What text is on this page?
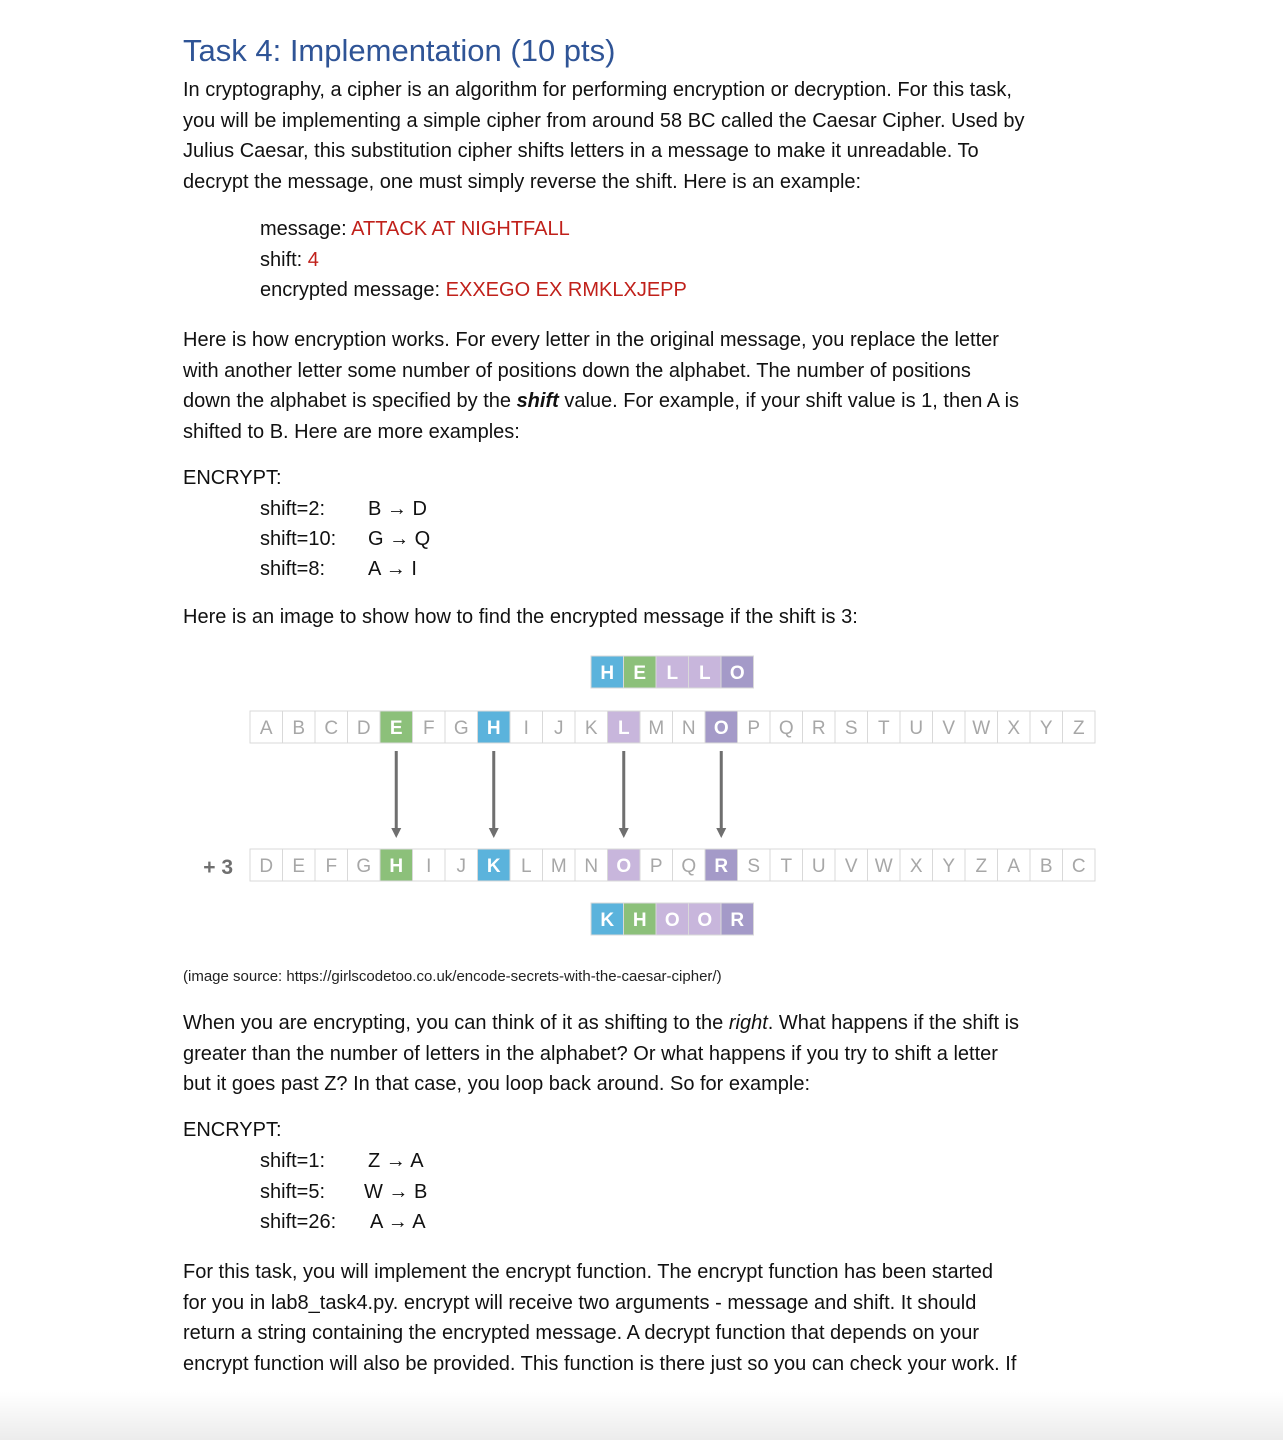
Task 4: Implementation (10 pts)
In cryptography, a cipher is an algorithm for performing encryption or decryption. For this task,
you will be implementing a simple cipher from around 58 BC called the Caesar Cipher. Used by
Julius Caesar, this substitution cipher shifts letters in a message to make it unreadable. To
decrypt the message, one must simply reverse the shift. Here is an example:
message: ATTACK AT NIGHTFALL
shift: 4
encrypted message: EXXEGO EX RMKLXJEPP
Here is how encryption works. For every letter in the original message, you replace the letter
with another letter some number of positions down the alphabet. The number of positions
down the alphabet is specified by the shift value. For example, if your shift value is 1, then A is
shifted to B. Here are more examples:
ENCRYPT:
shift=2: B → D
shift=10: G → Q
shift=8: A → I
Here is an image to show how to find the encrypted message if the shift is 3:
H E L L O
A B C D E F G H I J K L M N O P Q R S T U V W X Y Z
+ 3 D E F G H I J K L M N O P Q R S T U V W X Y Z A B C
K H O O R
(image source: https://girlscodetoo.co.uk/encode-secrets-with-the-caesar-cipher/)
When you are encrypting, you can think of it as shifting to the right. What happens if the shift is
greater than the number of letters in the alphabet? Or what happens if you try to shift a letter
but it goes past Z? In that case, you loop back around. So for example:
ENCRYPT:
shift=1: Z → A
shift=5: W → B
shift=26: A → A
For this task, you will implement the encrypt function. The encrypt function has been started
for you in lab8_task4.py. encrypt will receive two arguments - message and shift. It should
return a string containing the encrypted message. A decrypt function that depends on your
encrypt function will also be provided. This function is there just so you can check your work. If
